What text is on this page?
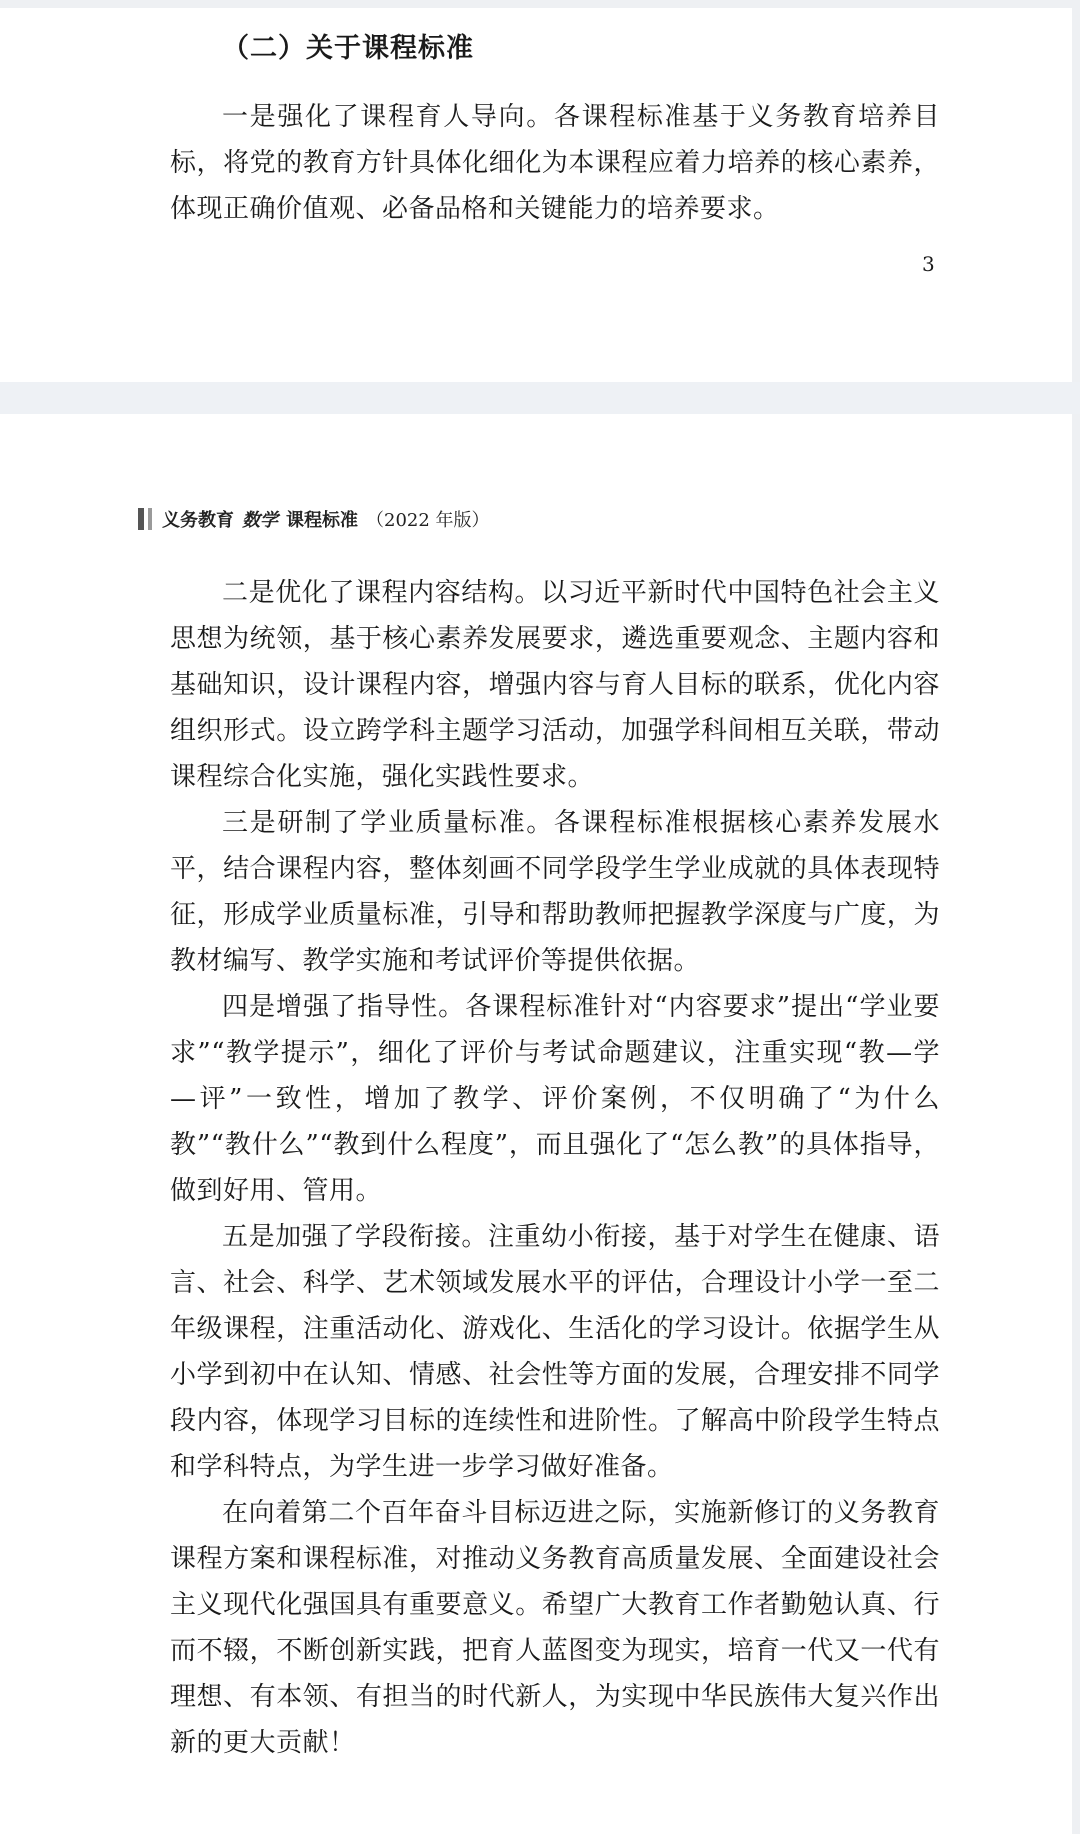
（二）关于课程标准
一是强化了课程育人导向。各课程标准基于义务教育培养目标，将党的教育方针具体化细化为本课程应着力培养的核心素养，体现正确价值观、必备品格和关键能力的培养要求。
3
义务教育 数学 课程标准 （2022 年版）

二是优化了课程内容结构。以习近平新时代中国特色社会主义思想为统领，基于核心素养发展要求，遴选重要观念、主题内容和基础知识，设计课程内容，增强内容与育人目标的联系，优化内容组织形式。设立跨学科主题学习活动，加强学科间相互关联，带动课程综合化实施，强化实践性要求。

三是研制了学业质量标准。各课程标准根据核心素养发展水平，结合课程内容，整体刻画不同学段学生学业成就的具体表现特征，形成学业质量标准，引导和帮助教师把握教学深度与广度，为教材编写、教学实施和考试评价等提供依据。

四是增强了指导性。各课程标准针对“内容要求”提出“学业要求”“教学提示”，细化了评价与考试命题建议，注重实现“教—学—评”一致性，增加了教学、评价案例，不仅明确了“为什么教”“教什么”“教到什么程度”，而且强化了“怎么教”的具体指导，做到好用、管用。

五是加强了学段衔接。注重幼小衔接，基于对学生在健康、语言、社会、科学、艺术领域发展水平的评估，合理设计小学一至二年级课程，注重活动化、游戏化、生活化的学习设计。依据学生从小学到初中在认知、情感、社会性等方面的发展，合理安排不同学段内容，体现学习目标的连续性和进阶性。了解高中阶段学生特点和学科特点，为学生进一步学习做好准备。

在向着第二个百年奋斗目标迈进之际，实施新修订的义务教育课程方案和课程标准，对推动义务教育高质量发展、全面建设社会主义现代化强国具有重要意义。希望广大教育工作者勤勉认真、行而不辍，不断创新实践，把育人蓝图变为现实，培育一代又一代有理想、有本领、有担当的时代新人，为实现中华民族伟大复兴作出新的更大贡献！
